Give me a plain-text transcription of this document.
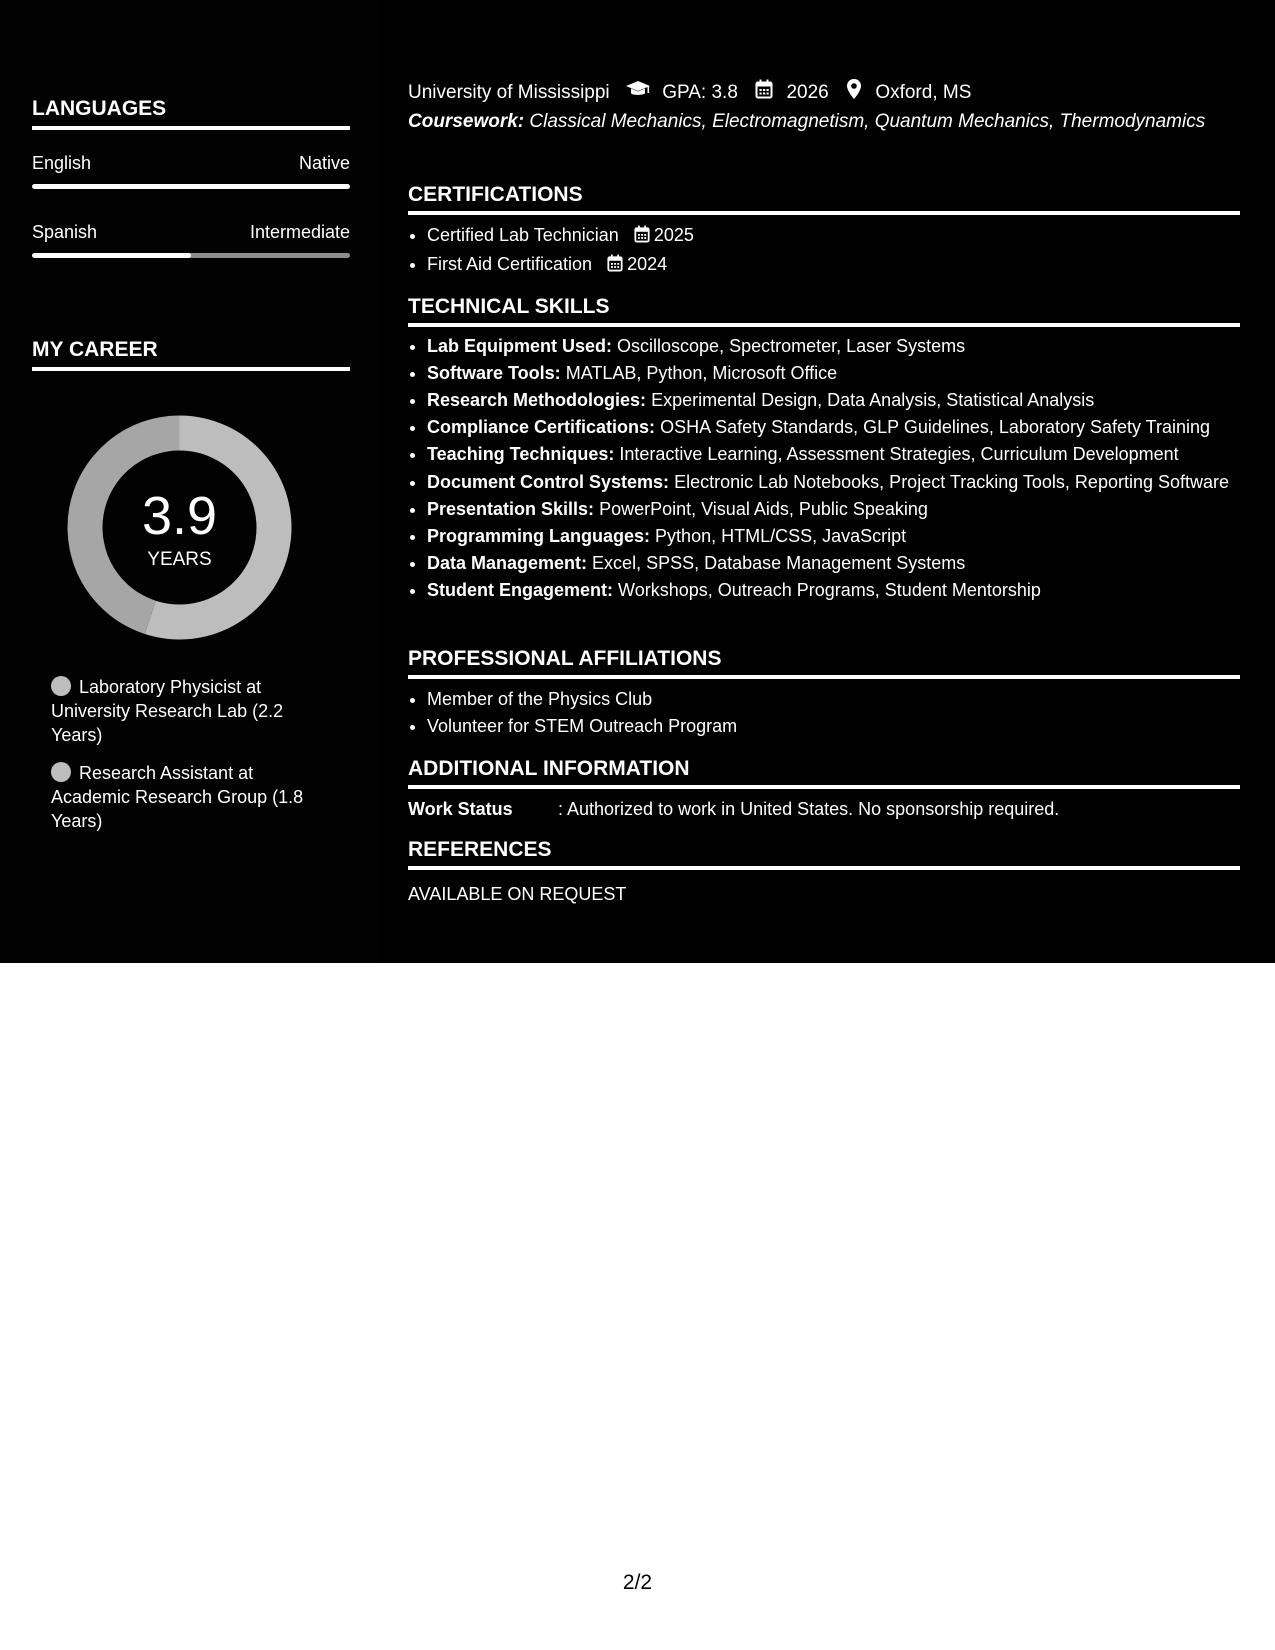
LANGUAGES
English	Native
Spanish	Intermediate
MY CAREER
3.9
YEARS
Laboratory Physicist at University Research Lab (2.2 Years)
Research Assistant at Academic Research Group (1.8 Years)
University of Mississippi	GPA: 3.8	2026 Oxford, MS
Coursework: Classical Mechanics, Electromagnetism, Quantum Mechanics, Thermodynamics
CERTIFICATIONS
• Certified Lab Technician 2025
• First Aid Certification 2024
TECHNICAL SKILLS
• Lab Equipment Used: Oscilloscope, Spectrometer, Laser Systems
• Software Tools: MATLAB, Python, Microsoft Office
• Research Methodologies: Experimental Design, Data Analysis, Statistical Analysis
• Compliance Certifications: OSHA Safety Standards, GLP Guidelines, Laboratory Safety Training
• Teaching Techniques: Interactive Learning, Assessment Strategies, Curriculum Development
• Document Control Systems: Electronic Lab Notebooks, Project Tracking Tools, Reporting Software
• Presentation Skills: PowerPoint, Visual Aids, Public Speaking
• Programming Languages: Python, HTML/CSS, JavaScript
• Data Management: Excel, SPSS, Database Management Systems
• Student Engagement: Workshops, Outreach Programs, Student Mentorship
PROFESSIONAL AFFILIATIONS
• Member of the Physics Club
• Volunteer for STEM Outreach Program
ADDITIONAL INFORMATION
Work Status	: Authorized to work in United States. No sponsorship required.
REFERENCES
AVAILABLE ON REQUEST
2/2
